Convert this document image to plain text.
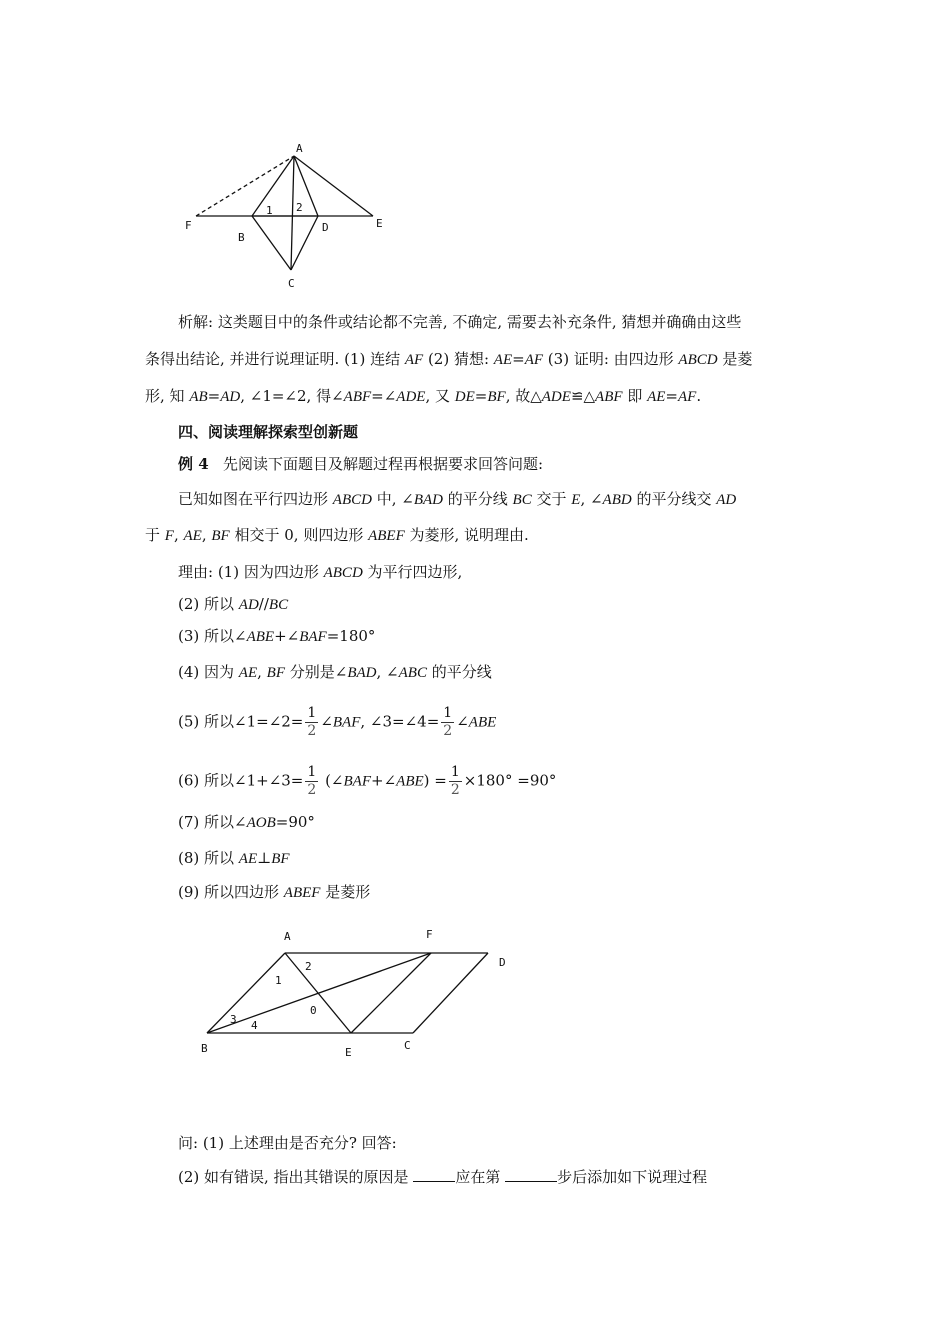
A
F
B
D	E
C
1 2
析解: 这类题目中的条件或结论都不完善, 不确定, 需要去补充条件, 猜想并确确由这些
条得出结论, 并进行说理证明. (1) 连结 AF (2) 猜想: AE=AF (3) 证明: 由四边形 ABCD 是菱
形, 知 AB=AD, ∠1=∠2, 得∠ABF=∠ADE, 又 DE=BF, 故△ADE≌△ABF 即 AE=AF.
四、阅读理解探索型创新题
例 4 先阅读下面题目及解题过程再根据要求回答问题:
已知如图在平行四边形 ABCD 中, ∠BAD 的平分线 BC 交于 E, ∠ABD 的平分线交 AD
于 F, AE, BF 相交于 0, 则四边形 ABEF 为菱形, 说明理由.
理由: (1) 因为四边形 ABCD 为平行四边形,
(2) 所以 AD//BC
(3) 所以∠ABE+∠BAF=180°
(4) 因为 AE, BF 分别是∠BAD, ∠ABC 的平分线
(5) 所以∠1=∠2= $\frac{1}{2}$ ∠BAF, ∠3=∠4= $\frac{1}{2}$ ∠ABE
(6) 所以∠1+∠3= $\frac{1}{2}$ (∠BAF+∠ABE) = $\frac{1}{2} \times 180^\circ =90^\circ$
(7) 所以∠AOB=90°
(8) 所以 AE⊥BF
(9) 所以四边形 ABEF 是菱形
A	F
D
B	E
C
1
2
3 4
0
问: (1) 上述理由是否充分? 回答:
(2) 如有错误, 指出其错误的原因是	应在第	步后添加如下说理过程
